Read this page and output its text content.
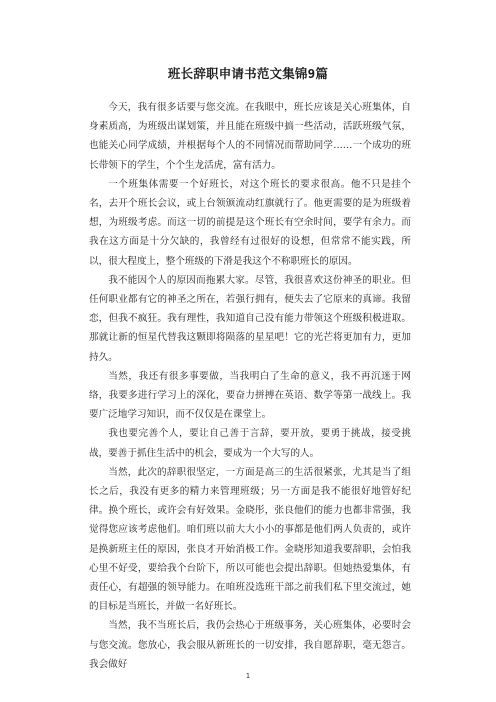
班长辞职申请书范文集锦9篇

今天，我有很多话要与您交流。在我眼中，班长应该是关心班集体，自身素质高，为班级出谋划策，并且能在班级中搞一些活动，活跃班级气氛，也能关心同学成绩，并根据每个人的不同情况而帮助同学……一个成功的班长带领下的学生，个个生龙活虎，富有活力。

一个班集体需要一个好班长，对这个班长的要求很高。他不只是挂个名，去开个班长会议，或上台领颁流动红旗就行了。他更需要的是为班级着想，为班级考虑。而这一切的前提是这个班长有空余时间，要学有余力。而我在这方面是十分欠缺的，我曾经有过很好的设想，但常常不能实践，所以，很大程度上，整个班级的下滑是我这个不称职班长的原因。

我不能因个人的原因而拖累大家。尽管，我很喜欢这份神圣的职业。但任何职业都有它的神圣之所在，若强行拥有，便失去了它原来的真谛。我留恋，但我不疯狂。我有理性，我知道自己没有能力带领这个班级积极进取。那就让新的恒星代替我这颗即将陨落的星星吧！它的光芒将更加有力，更加持久。

当然，我还有很多事要做，当我明白了生命的意义，我不再沉迷于网络，我要多进行学习上的深化，要奋力拼搏在英语、数学等第一战线上。我要广泛地学习知识，而不仅仅是在课堂上。

我也要完善个人，要让自己善于言辞，要开放，要勇于挑战，接受挑战，要善于抓住生活中的机会，要成为一个大写的人。

当然，此次的辞职很坚定，一方面是高三的生活很紧张，尤其是当了组长之后，我没有更多的精力来管理班级；另一方面是我不能很好地管好纪律。换个班长，或许会有好效果。金晓彤，张良他们的能力也都非常强，我觉得您应该考虑他们。咱们班以前大大小小的事都是他们两人负责的，或许是换新班主任的原因，张良才开始消极工作。金晓彤知道我要辞职，会怕我心里不好受，要给我个台阶下，所以可能也会提出辞职。但她热爱集体，有责任心，有超强的领导能力。在咱班没选班干部之前我们私下里交流过，她的目标是当班长，并做一名好班长。

当然，我不当班长后，我仍会热心于班级事务，关心班集体，必要时会与您交流。您放心，我会服从新班长的一切安排，我自愿辞职，毫无怨言。我会做好

1
